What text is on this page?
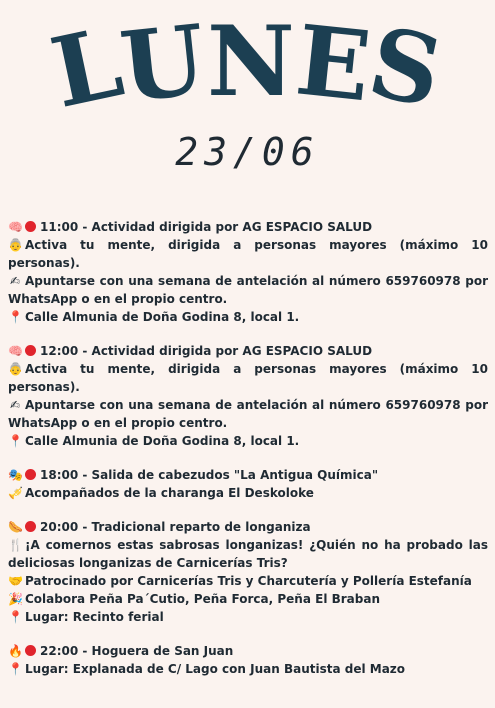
LUNES
23/06
🧠 11:00 - Actividad dirigida por AG ESPACIO SALUD
👵 Activa tu mente, dirigida a personas mayores (máximo 10 personas).
✍ Apuntarse con una semana de antelación al número 659760978 por WhatsApp o en el propio centro.
📍 Calle Almunia de Doña Godina 8, local 1.
🧠 12:00 - Actividad dirigida por AG ESPACIO SALUD
👵 Activa tu mente, dirigida a personas mayores (máximo 10 personas).
✍ Apuntarse con una semana de antelación al número 659760978 por WhatsApp o en el propio centro.
📍 Calle Almunia de Doña Godina 8, local 1.
🎭 18:00 - Salida de cabezudos "La Antigua Química"
🎺 Acompañados de la charanga El Deskoloke
🌭 20:00 - Tradicional reparto de longaniza
🍴 ¡A comernos estas sabrosas longanizas! ¿Quién no ha probado las deliciosas longanizas de Carnicerías Tris?
🤝 Patrocinado por Carnicerías Tris y Charcutería y Pollería Estefanía
🎉 Colabora Peña Pa´Cutio, Peña Forca, Peña El Braban
📍 Lugar: Recinto ferial
🔥 22:00 - Hoguera de San Juan
📍 Lugar: Explanada de C/ Lago con Juan Bautista del Mazo
